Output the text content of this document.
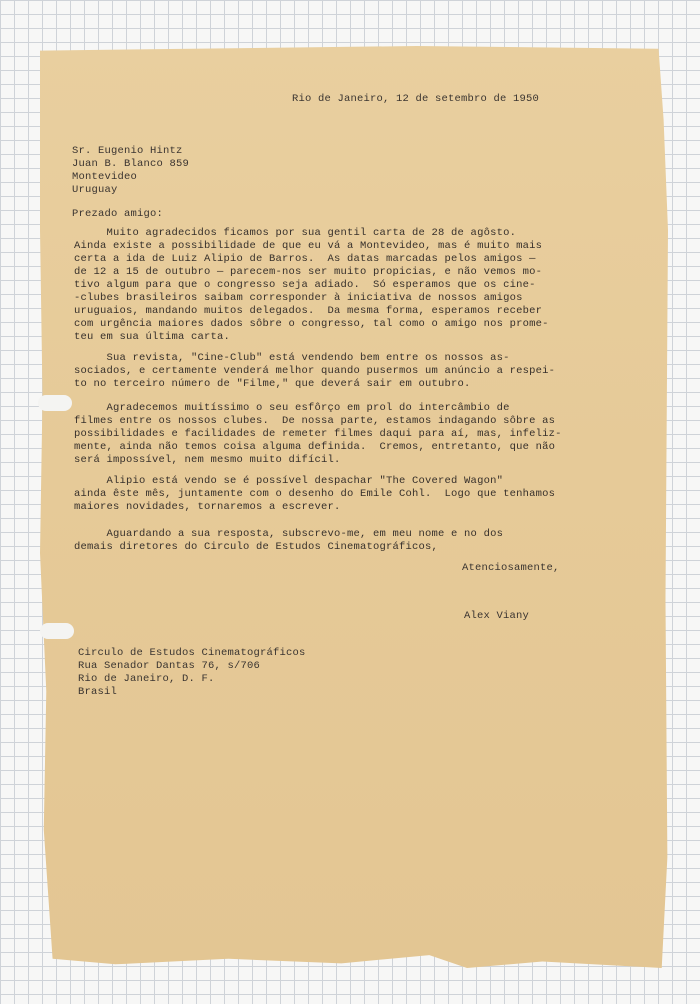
Rio de Janeiro, 12 de setembro de 1950
Sr. Eugenio Hintz
Juan B. Blanco 859
Montevideo
Uruguay
Prezado amigo:
Muito agradecidos ficamos por sua gentil carta de 28 de agôsto.
Ainda existe a possibilidade de que eu vá a Montevideo, mas é muito mais
certa a ida de Luiz Alipio de Barros.  As datas marcadas pelos amigos —
de 12 a 15 de outubro — parecem-nos ser muito propicias, e não vemos mo-
tivo algum para que o congresso seja adiado.  Só esperamos que os cine-
-clubes brasileiros saibam corresponder à iniciativa de nossos amigos
uruguaios, mandando muitos delegados.  Da mesma forma, esperamos receber
com urgência maiores dados sôbre o congresso, tal como o amigo nos prome-
teu em sua última carta.
Sua revista, "Cine-Club" está vendendo bem entre os nossos as-
sociados, e certamente venderá melhor quando pusermos um anúncio a respei-
to no terceiro número de "Filme," que deverá sair em outubro.
Agradecemos muitíssimo o seu esfôrço em prol do intercâmbio de
filmes entre os nossos clubes.  De nossa parte, estamos indagando sôbre as
possibilidades e facilidades de remeter filmes daqui para aí, mas, infeliz-
mente, ainda não temos coisa alguma definida.  Cremos, entretanto, que não
será impossível, nem mesmo muito difícil.
Alipio está vendo se é possível despachar "The Covered Wagon"
ainda êste mês, juntamente com o desenho do Emile Cohl.  Logo que tenhamos
maiores novidades, tornaremos a escrever.
Aguardando a sua resposta, subscrevo-me, em meu nome e no dos
demais diretores do Circulo de Estudos Cinematográficos,
Atenciosamente,
Alex Viany
Circulo de Estudos Cinematográficos
Rua Senador Dantas 76, s/706
Rio de Janeiro, D. F.
Brasil
